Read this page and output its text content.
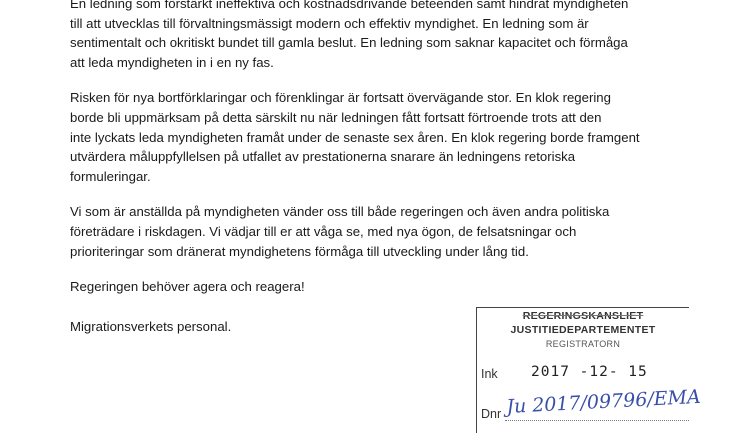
En ledning som förstärkt ineffektiva och kostnadsdrivande beteenden samt hindrat myndigheten
till att utvecklas till förvaltningsmässigt modern och effektiv myndighet. En ledning som är
sentimentalt och okritiskt bundet till gamla beslut. En ledning som saknar kapacitet och förmåga
att leda myndigheten in i en ny fas.

Risken för nya bortförklaringar och förenklingar är fortsatt övervägande stor. En klok regering
borde bli uppmärksam på detta särskilt nu när ledningen fått fortsatt förtroende trots att den
inte lyckats leda myndigheten framåt under de senaste sex åren. En klok regering borde framgent
utvärdera måluppfyllelsen på utfallet av prestationerna snarare än ledningens retoriska
formuleringar.

Vi som är anställda på myndigheten vänder oss till både regeringen och även andra politiska
företrädare i riskdagen. Vi vädjar till er att våga se, med nya ögon, de felsatsningar och
prioriteringar som dränerat myndighetens förmåga till utveckling under lång tid.

Regeringen behöver agera och reagera!

Migrationsverkets personal.
REGERINGSKANSLIET
JUSTITIEDEPARTEMENTET
REGISTRATORN
Ink 2017 -12- 15
Dnr Ju 2017/09796/EMA
